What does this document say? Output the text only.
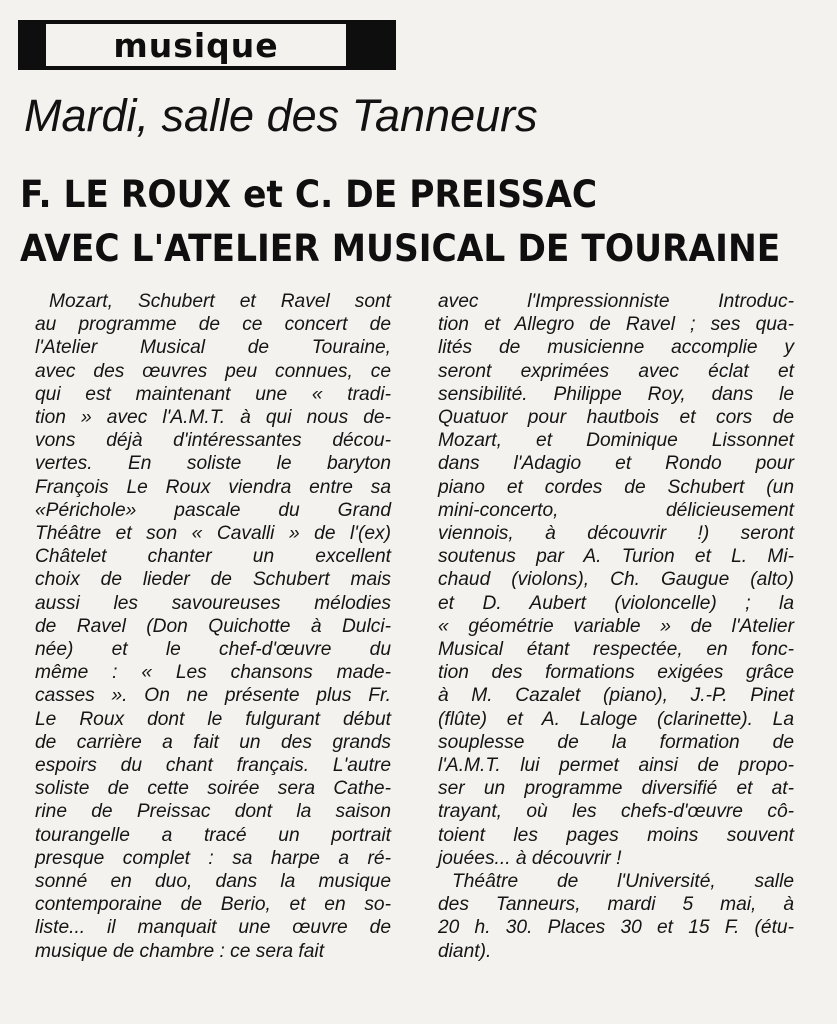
musique
Mardi, salle des Tanneurs
F. LE ROUX et C. DE PREISSAC
AVEC L'ATELIER MUSICAL DE TOURAINE
Mozart, Schubert et Ravel sont
au programme de ce concert de
l'Atelier Musical de Touraine,
avec des œuvres peu connues, ce
qui est maintenant une « tradi-
tion » avec l'A.M.T. à qui nous de-
vons déjà d'intéressantes décou-
vertes. En soliste le baryton
François Le Roux viendra entre sa
«Périchole» pascale du Grand
Théâtre et son « Cavalli » de l'(ex)
Châtelet chanter un excellent
choix de lieder de Schubert mais
aussi les savoureuses mélodies
de Ravel (Don Quichotte à Dulci-
née) et le chef-d'œuvre du
même : « Les chansons made-
casses ». On ne présente plus Fr.
Le Roux dont le fulgurant début
de carrière a fait un des grands
espoirs du chant français. L'autre
soliste de cette soirée sera Cathe-
rine de Preissac dont la saison
tourangelle a tracé un portrait
presque complet : sa harpe a ré-
sonné en duo, dans la musique
contemporaine de Berio, et en so-
liste... il manquait une œuvre de
musique de chambre : ce sera fait
avec l'Impressionniste Introduc-
tion et Allegro de Ravel ; ses qua-
lités de musicienne accomplie y
seront exprimées avec éclat et
sensibilité. Philippe Roy, dans le
Quatuor pour hautbois et cors de
Mozart, et Dominique Lissonnet
dans l'Adagio et Rondo pour
piano et cordes de Schubert (un
mini-concerto, délicieusement
viennois, à découvrir !) seront
soutenus par A. Turion et L. Mi-
chaud (violons), Ch. Gaugue (alto)
et D. Aubert (violoncelle) ; la
« géométrie variable » de l'Atelier
Musical étant respectée, en fonc-
tion des formations exigées grâce
à M. Cazalet (piano), J.-P. Pinet
(flûte) et A. Laloge (clarinette). La
souplesse de la formation de
l'A.M.T. lui permet ainsi de propo-
ser un programme diversifié et at-
trayant, où les chefs-d'œuvre cô-
toient les pages moins souvent
jouées... à découvrir !
Théâtre de l'Université, salle
des Tanneurs, mardi 5 mai, à
20 h. 30. Places 30 et 15 F. (étu-
diant).
